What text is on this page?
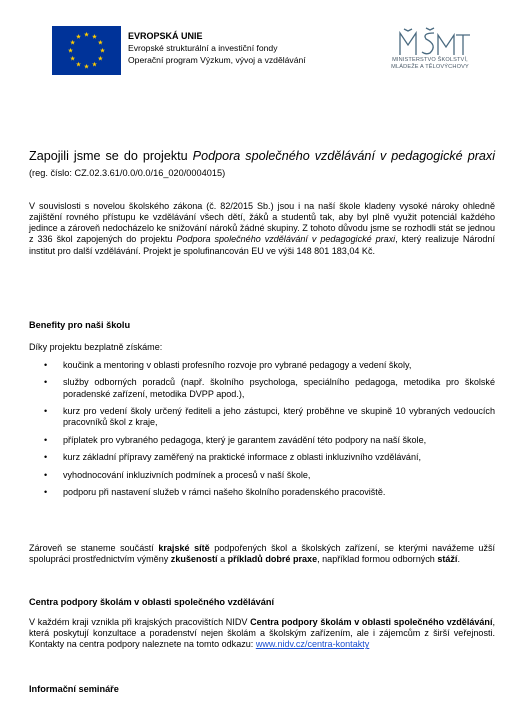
EVROPSKÁ UNIE
Evropské strukturální a investiční fondy
Operační program Výzkum, vývoj a vzdělávání	MINISTERSTVO ŠKOLSTVÍ,
MLÁDEŽE A TĚLOVÝCHOVY
Zapojili jsme se do projektu Podpora společného vzdělávání v pedagogické praxi (reg. číslo: CZ.02.3.61/0.0/0.0/16_020/0004015)
V souvislosti s novelou školského zákona (č. 82/2015 Sb.) jsou i na naší škole kladeny vysoké nároky ohledně zajištění rovného přístupu ke vzdělávání všech dětí, žáků a studentů tak, aby byl plně využit potenciál každého jedince a zároveň nedocházelo ke snižování nároků žádné skupiny. Z tohoto důvodu jsme se rozhodli stát se jednou z 336 škol zapojených do projektu Podpora společného vzdělávání v pedagogické praxi, který realizuje Národní institut pro další vzdělávání. Projekt je spolufinancován EU ve výši 148 801 183,04 Kč.
Benefity pro naši školu
Díky projektu bezplatně získáme:
• koučink a mentoring v oblasti profesního rozvoje pro vybrané pedagogy a vedení školy,
• služby odborných poradců (např. školního psychologa, speciálního pedagoga, metodika pro školské poradenské zařízení, metodika DVPP apod.),
• kurz pro vedení školy určený řediteli a jeho zástupci, který proběhne ve skupině 10 vybraných vedoucích pracovníků škol z kraje,
• příplatek pro vybraného pedagoga, který je garantem zavádění této podpory na naší škole,
• kurz základní přípravy zaměřený na praktické informace z oblasti inkluzivního vzdělávání,
• vyhodnocování inkluzivních podmínek a procesů v naší škole,
• podporu při nastavení služeb v rámci našeho školního poradenského pracoviště.
Zároveň se staneme součástí krajské sítě podpořených škol a školských zařízení, se kterými navážeme užší spolupráci prostřednictvím výměny zkušeností a příkladů dobré praxe, například formou odborných stáží.
Centra podpory školám v oblasti společného vzdělávání
V každém kraji vznikla při krajských pracovištích NIDV Centra podpory školám v oblasti společného vzdělávání, která poskytují konzultace a poradenství nejen školám a školským zařízením, ale i zájemcům z širší veřejnosti. Kontakty na centra podpory naleznete na tomto odkazu: www.nidv.cz/centra-kontakty
Informační semináře
